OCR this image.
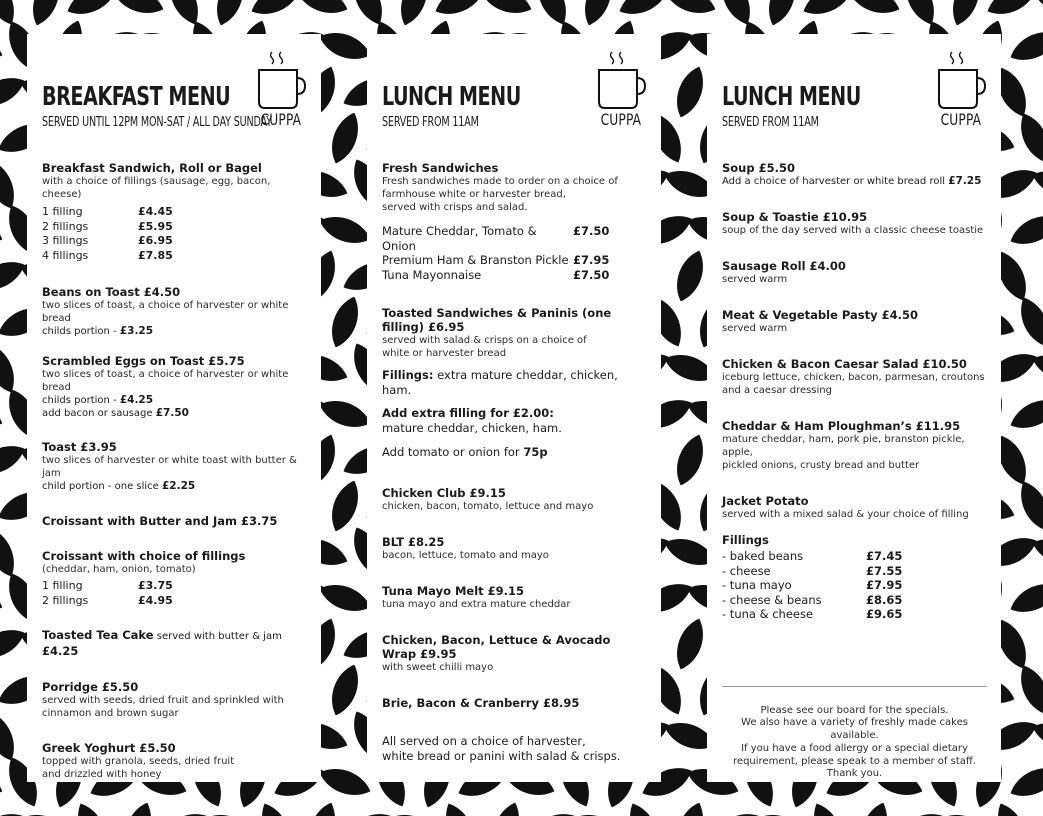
BREAKFAST MENU
SERVED UNTIL 12PM MON-SAT / ALL DAY SUNDAY
CUPPA
Breakfast Sandwich, Roll or Bagel
with a choice of fillings (sausage, egg, bacon, cheese)
1 filling	£4.45
2 fillings	£5.95
3 fillings	£6.95
4 fillings	£7.85
Beans on Toast £4.50
two slices of toast, a choice of harvester or white bread
childs portion - £3.25
Scrambled Eggs on Toast £5.75
two slices of toast, a choice of harvester or white bread
childs portion - £4.25
add bacon or sausage £7.50
Toast £3.95
two slices of harvester or white toast with butter & jam
child portion - one slice £2.25
Croissant with Butter and Jam £3.75
Croissant with choice of fillings
(cheddar, ham, onion, tomato)
1 filling	£3.75
2 fillings	£4.95
Toasted Tea Cake served with butter & jam £4.25
Porridge £5.50
served with seeds, dried fruit and sprinkled with
cinnamon and brown sugar
Greek Yoghurt £5.50
topped with granola, seeds, dried fruit
and drizzled with honey
LUNCH MENU
SERVED FROM 11AM	CUPPA
Fresh Sandwiches
Fresh sandwiches made to order on a choice of
farmhouse white or harvester bread,
served with crisps and salad.
Mature Cheddar, Tomato & Onion
£7.50
Premium Ham & Branston Pickle £7.95
Tuna Mayonnaise	£7.50
Toasted Sandwiches & Paninis (one filling) £6.95
served with salad & crisps on a choice of
white or harvester bread
Fillings: extra mature cheddar, chicken, ham.
Add extra filling for £2.00:
mature cheddar, chicken, ham.
Add tomato or onion for 75p
Chicken Club £9.15
chicken, bacon, tomato, lettuce and mayo
BLT £8.25
bacon, lettuce, tomato and mayo
Tuna Mayo Melt £9.15
tuna mayo and extra mature cheddar
Chicken, Bacon, Lettuce & Avocado Wrap £9.95
with sweet chilli mayo
Brie, Bacon & Cranberry £8.95
All served on a choice of harvester,
white bread or panini with salad & crisps.
LUNCH MENU
SERVED FROM 11AM	CUPPA
Soup £5.50
Add a choice of harvester or white bread roll £7.25
Soup & Toastie £10.95
soup of the day served with a classic cheese toastie
Sausage Roll £4.00
served warm
Meat & Vegetable Pasty £4.50
served warm
Chicken & Bacon Caesar Salad £10.50
iceburg lettuce, chicken, bacon, parmesan, croutons
and a caesar dressing
Cheddar & Ham Ploughman’s £11.95
mature cheddar, ham, pork pie, branston pickle, apple,
pickled onions, crusty bread and butter
Jacket Potato
served with a mixed salad & your choice of filling
Fillings
- baked beans	£7.45
- cheese	£7.55
- tuna mayo	£7.95
- cheese & beans	£8.65
- tuna & cheese	£9.65
Please see our board for the specials.
We also have a variety of freshly made cakes available.
If you have a food allergy or a special dietary
requirement, please speak to a member of staff.
Thank you.
